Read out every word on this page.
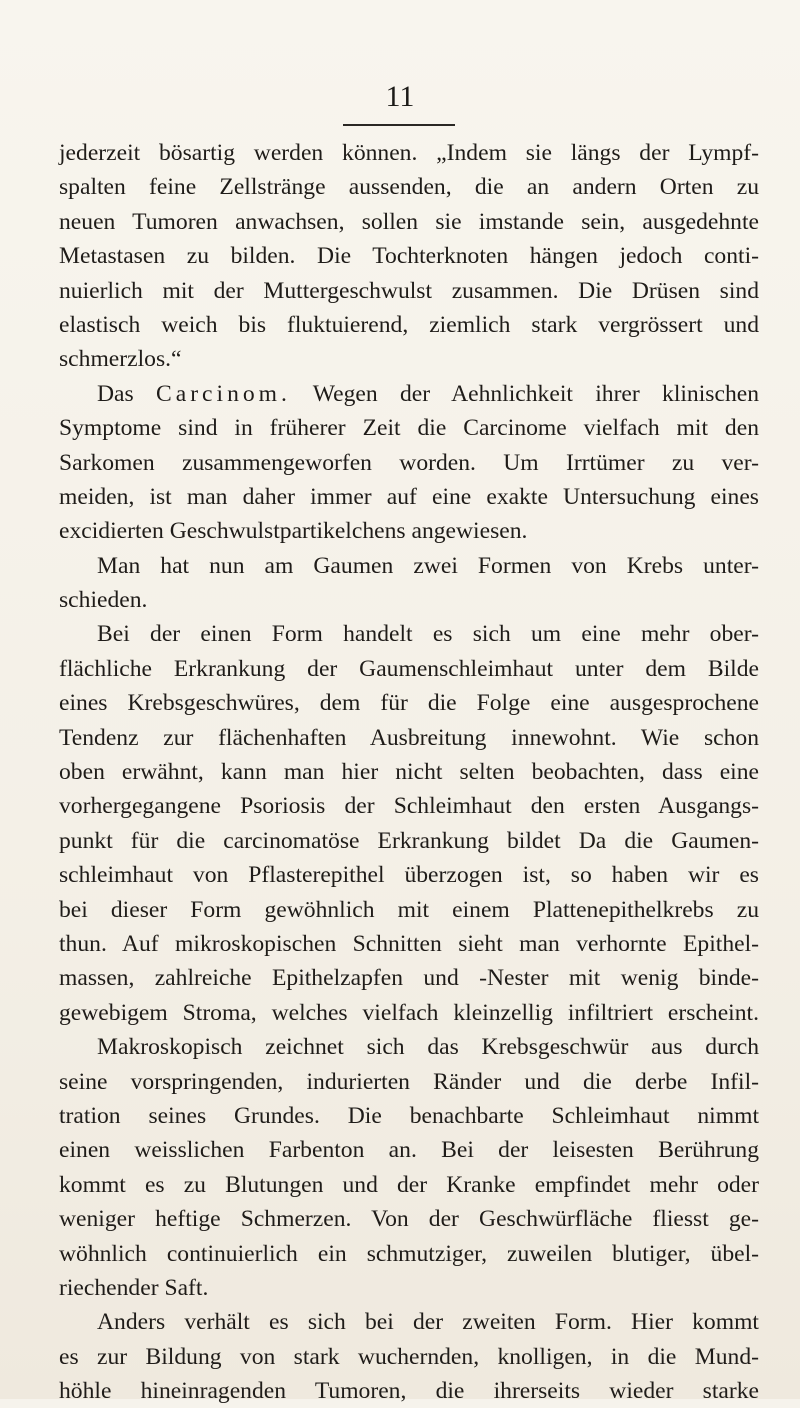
11
jederzeit bösartig werden können. „Indem sie längs der Lympf-
spalten feine Zellstränge aussenden, die an andern Orten zu
neuen Tumoren anwachsen, sollen sie imstande sein, ausgedehnte
Metastasen zu bilden. Die Tochterknoten hängen jedoch conti-
nuierlich mit der Muttergeschwulst zusammen. Die Drüsen sind
elastisch weich bis fluktuierend, ziemlich stark vergrössert und
schmerzlos.“
Das Carcinom. Wegen der Aehnlichkeit ihrer klinischen
Symptome sind in früherer Zeit die Carcinome vielfach mit den
Sarkomen zusammengeworfen worden. Um Irrtümer zu ver-
meiden, ist man daher immer auf eine exakte Untersuchung eines
excidierten Geschwulstpartikelchens angewiesen.
Man hat nun am Gaumen zwei Formen von Krebs unter-
schieden.
Bei der einen Form handelt es sich um eine mehr ober-
flächliche Erkrankung der Gaumenschleimhaut unter dem Bilde
eines Krebsgeschwüres, dem für die Folge eine ausgesprochene
Tendenz zur flächenhaften Ausbreitung innewohnt. Wie schon
oben erwähnt, kann man hier nicht selten beobachten, dass eine
vorhergegangene Psoriosis der Schleimhaut den ersten Ausgangs-
punkt für die carcinomatöse Erkrankung bildet Da die Gaumen-
schleimhaut von Pflasterepithel überzogen ist, so haben wir es
bei dieser Form gewöhnlich mit einem Plattenepithelkrebs zu
thun. Auf mikroskopischen Schnitten sieht man verhornte Epithel-
massen, zahlreiche Epithelzapfen und -Nester mit wenig binde-
gewebigem Stroma, welches vielfach kleinzellig infiltriert erscheint.
Makroskopisch zeichnet sich das Krebsgeschwür aus durch
seine vorspringenden, indurierten Ränder und die derbe Infil-
tration seines Grundes. Die benachbarte Schleimhaut nimmt
einen weisslichen Farbenton an. Bei der leisesten Berührung
kommt es zu Blutungen und der Kranke empfindet mehr oder
weniger heftige Schmerzen. Von der Geschwürfläche fliesst ge-
wöhnlich continuierlich ein schmutziger, zuweilen blutiger, übel-
riechender Saft.
Anders verhält es sich bei der zweiten Form. Hier kommt
es zur Bildung von stark wuchernden, knolligen, in die Mund-
höhle hineinragenden Tumoren, die ihrerseits wieder starke
